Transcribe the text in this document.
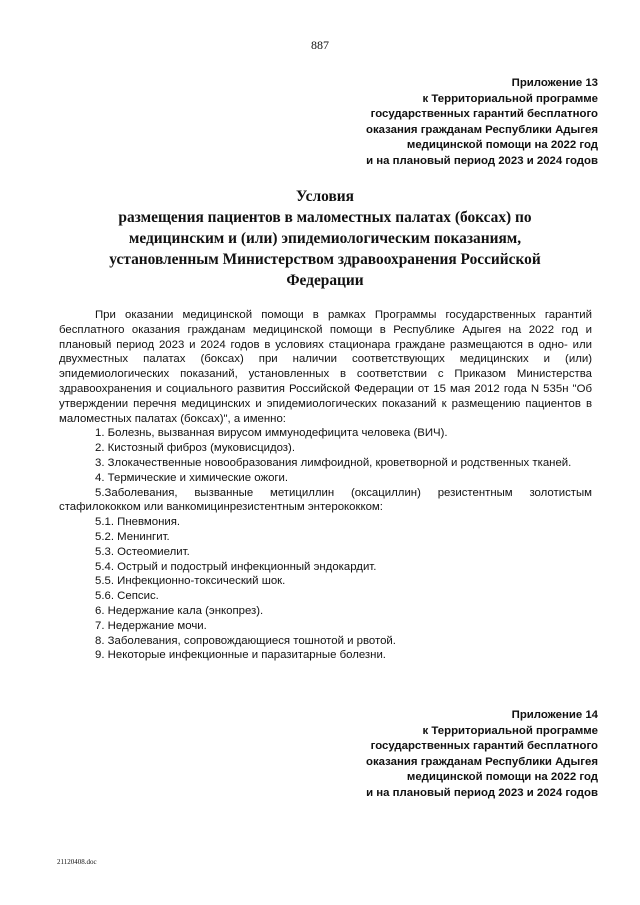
887
Приложение 13
к Территориальной программе
государственных гарантий бесплатного
оказания гражданам Республики Адыгея
медицинской помощи на 2022 год
и на плановый период 2023 и 2024 годов
Условия
размещения пациентов в маломестных палатах (боксах) по
медицинским и (или) эпидемиологическим показаниям,
установленным Министерством здравоохранения Российской
Федерации

При оказании медицинской помощи в рамках Программы государственных гарантий бесплатного оказания гражданам медицинской помощи в Республике Адыгея на 2022 год и плановый период 2023 и 2024 годов в условиях стационара граждане размещаются в одно- или двухместных палатах (боксах) при наличии соответствующих медицинских и (или) эпидемиологических показаний, установленных в соответствии с Приказом Министерства здравоохранения и социального развития Российской Федерации от 15 мая 2012 года N 535н "Об утверждении перечня медицинских и эпидемиологических показаний к размещению пациентов в маломестных палатах (боксах)", а именно:

1. Болезнь, вызванная вирусом иммунодефицита человека (ВИЧ).

2. Кистозный фиброз (муковисцидоз).

3. Злокачественные новообразования лимфоидной, кроветворной и родственных тканей.

4. Термические и химические ожоги.

5.Заболевания, вызванные метициллин (оксациллин) резистентным золотистым стафилококком или ванкомицинрезистентным энтерококком:

5.1. Пневмония.

5.2. Менингит.

5.3. Остеомиелит.

5.4. Острый и подострый инфекционный эндокардит.

5.5. Инфекционно-токсический шок.

5.6. Сепсис.

6. Недержание кала (энкопрез).

7. Недержание мочи.

8. Заболевания, сопровождающиеся тошнотой и рвотой.

9. Некоторые инфекционные и паразитарные болезни.

Приложение 14
к Территориальной программе
государственных гарантий бесплатного
оказания гражданам Республики Адыгея
медицинской помощи на 2022 год
и на плановый период 2023 и 2024 годов
21120408.doc
